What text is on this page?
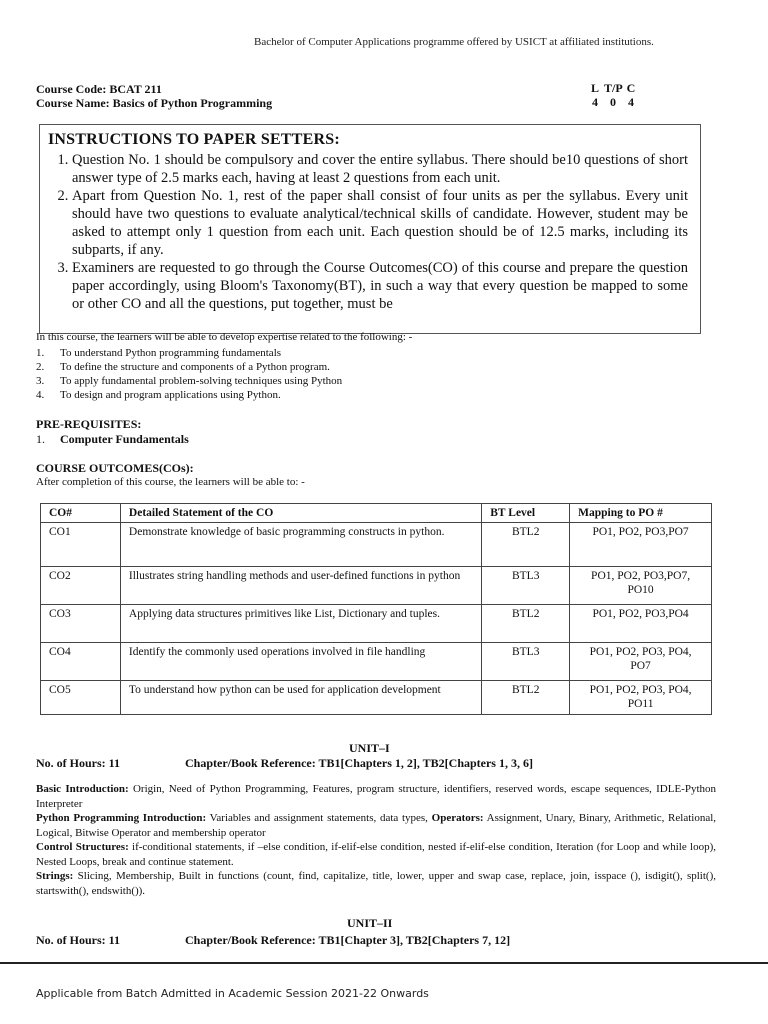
Bachelor of Computer Applications programme offered by USICT at affiliated institutions.
Course Code: BCAT 211
Course Name: Basics of Python Programming
L T/P C
4 0 4
INSTRUCTIONS TO PAPER SETTERS:
1. Question No. 1 should be compulsory and cover the entire syllabus. There should be10 questions of short answer type of 2.5 marks each, having at least 2 questions from each unit.
2. Apart from Question No. 1, rest of the paper shall consist of four units as per the syllabus. Every unit should have two questions to evaluate analytical/technical skills of candidate. However, student may be asked to attempt only 1 question from each unit. Each question should be of 12.5 marks, including its subparts, if any.
3. Examiners are requested to go through the Course Outcomes(CO) of this course and prepare the question paper accordingly, using Bloom's Taxonomy(BT), in such a way that every question be mapped to some or other CO and all the questions, put together, must be
In this course, the learners will be able to develop expertise related to the following: -
1. To understand Python programming fundamentals
2. To define the structure and components of a Python program.
3. To apply fundamental problem-solving techniques using Python
4. To design and program applications using Python.
PRE-REQUISITES:
1. Computer Fundamentals
COURSE OUTCOMES(COs):
After completion of this course, the learners will be able to: -
CO#	Detailed Statement of the CO	BT Level	Mapping to PO #
CO1	Demonstrate knowledge of basic programming constructs in python.	BTL2	PO1, PO2, PO3,PO7
CO2	Illustrates string handling methods and user-defined functions in python	BTL3	PO1, PO2, PO3,PO7, PO10
CO3	Applying data structures primitives like List, Dictionary and tuples.	BTL2	PO1, PO2, PO3,PO4
CO4	Identify the commonly used operations involved in file handling	BTL3	PO1, PO2, PO3, PO4, PO7
CO5	To understand how python can be used for application development	BTL2	PO1, PO2, PO3, PO4, PO11
UNIT–I
No. of Hours: 11	Chapter/Book Reference: TB1[Chapters 1, 2], TB2[Chapters 1, 3, 6]
Basic Introduction: Origin, Need of Python Programming, Features, program structure, identifiers, reserved words, escape sequences, IDLE-Python Interpreter
Python Programming Introduction: Variables and assignment statements, data types, Operators: Assignment, Unary, Binary, Arithmetic, Relational, Logical, Bitwise Operator and membership operator
Control Structures: if-conditional statements, if –else condition, if-elif-else condition, nested if-elif-else condition, Iteration (for Loop and while loop), Nested Loops, break and continue statement.
Strings: Slicing, Membership, Built in functions (count, find, capitalize, title, lower, upper and swap case, replace, join, isspace (), isdigit(), split(), startswith(), endswith()).
UNIT–II
No. of Hours: 11	Chapter/Book Reference: TB1[Chapter 3], TB2[Chapters 7, 12]
Applicable from Batch Admitted in Academic Session 2021-22 Onwards
